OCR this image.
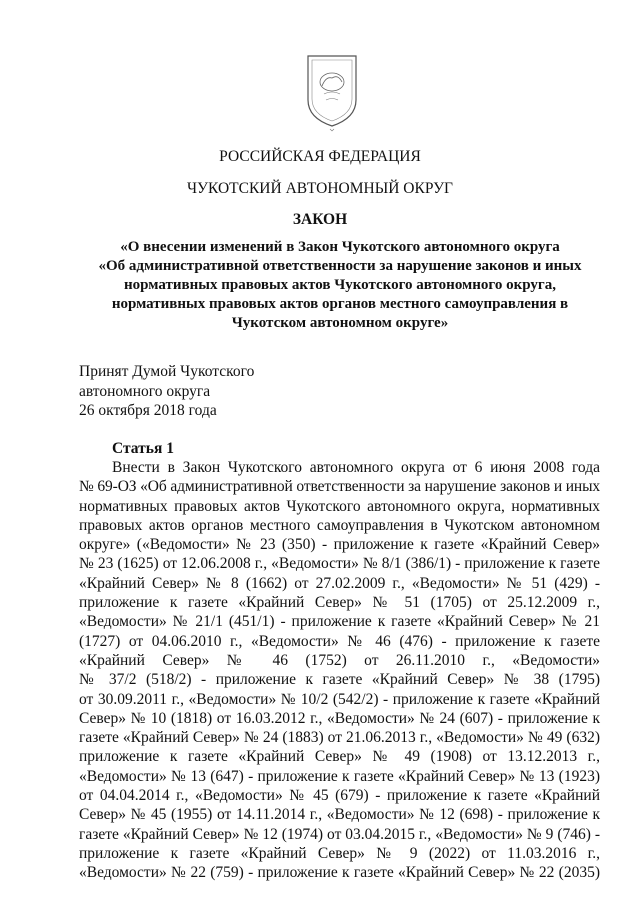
РОССИЙСКАЯ ФЕДЕРАЦИЯ
ЧУКОТСКИЙ АВТОНОМНЫЙ ОКРУГ
ЗАКОН
«О внесении изменений в Закон Чукотского автономного округа
«Об административной ответственности за нарушение законов и иных
нормативных правовых актов Чукотского автономного округа,
нормативных правовых актов органов местного самоуправления в
Чукотском автономном округе»
Принят Думой Чукотского
автономного округа
26 октября 2018 года
Статья 1
Внести в Закон Чукотского автономного округа от 6 июня 2008 года
№ 69-ОЗ «Об административной ответственности за нарушение законов и иных
нормативных правовых актов Чукотского автономного округа, нормативных
правовых актов органов местного самоуправления в Чукотском автономном
округе» («Ведомости» № 23 (350) - приложение к газете «Крайний Север»
№ 23 (1625) от 12.06.2008 г., «Ведомости» № 8/1 (386/1) - приложение к газете
«Крайний Север» № 8 (1662) от 27.02.2009 г., «Ведомости» № 51 (429) -
приложение к газете «Крайний Север» № 51 (1705) от 25.12.2009 г.,
«Ведомости» № 21/1 (451/1) - приложение к газете «Крайний Север» № 21
(1727) от 04.06.2010 г., «Ведомости» № 46 (476) - приложение к газете
«Крайний Север» № 46 (1752) от 26.11.2010 г., «Ведомости»
№ 37/2 (518/2) - приложение к газете «Крайний Север» № 38 (1795)
от 30.09.2011 г., «Ведомости» № 10/2 (542/2) - приложение к газете «Крайний
Север» № 10 (1818) от 16.03.2012 г., «Ведомости» № 24 (607) - приложение к
газете «Крайний Север» № 24 (1883) от 21.06.2013 г., «Ведомости» № 49 (632)
приложение к газете «Крайний Север» № 49 (1908) от 13.12.2013 г.,
«Ведомости» № 13 (647) - приложение к газете «Крайний Север» № 13 (1923)
от 04.04.2014 г., «Ведомости» № 45 (679) - приложение к газете «Крайний
Север» № 45 (1955) от 14.11.2014 г., «Ведомости» № 12 (698) - приложение к
газете «Крайний Север» № 12 (1974) от 03.04.2015 г., «Ведомости» № 9 (746) -
приложение к газете «Крайний Север» № 9 (2022) от 11.03.2016 г.,
«Ведомости» № 22 (759) - приложение к газете «Крайний Север» № 22 (2035)
